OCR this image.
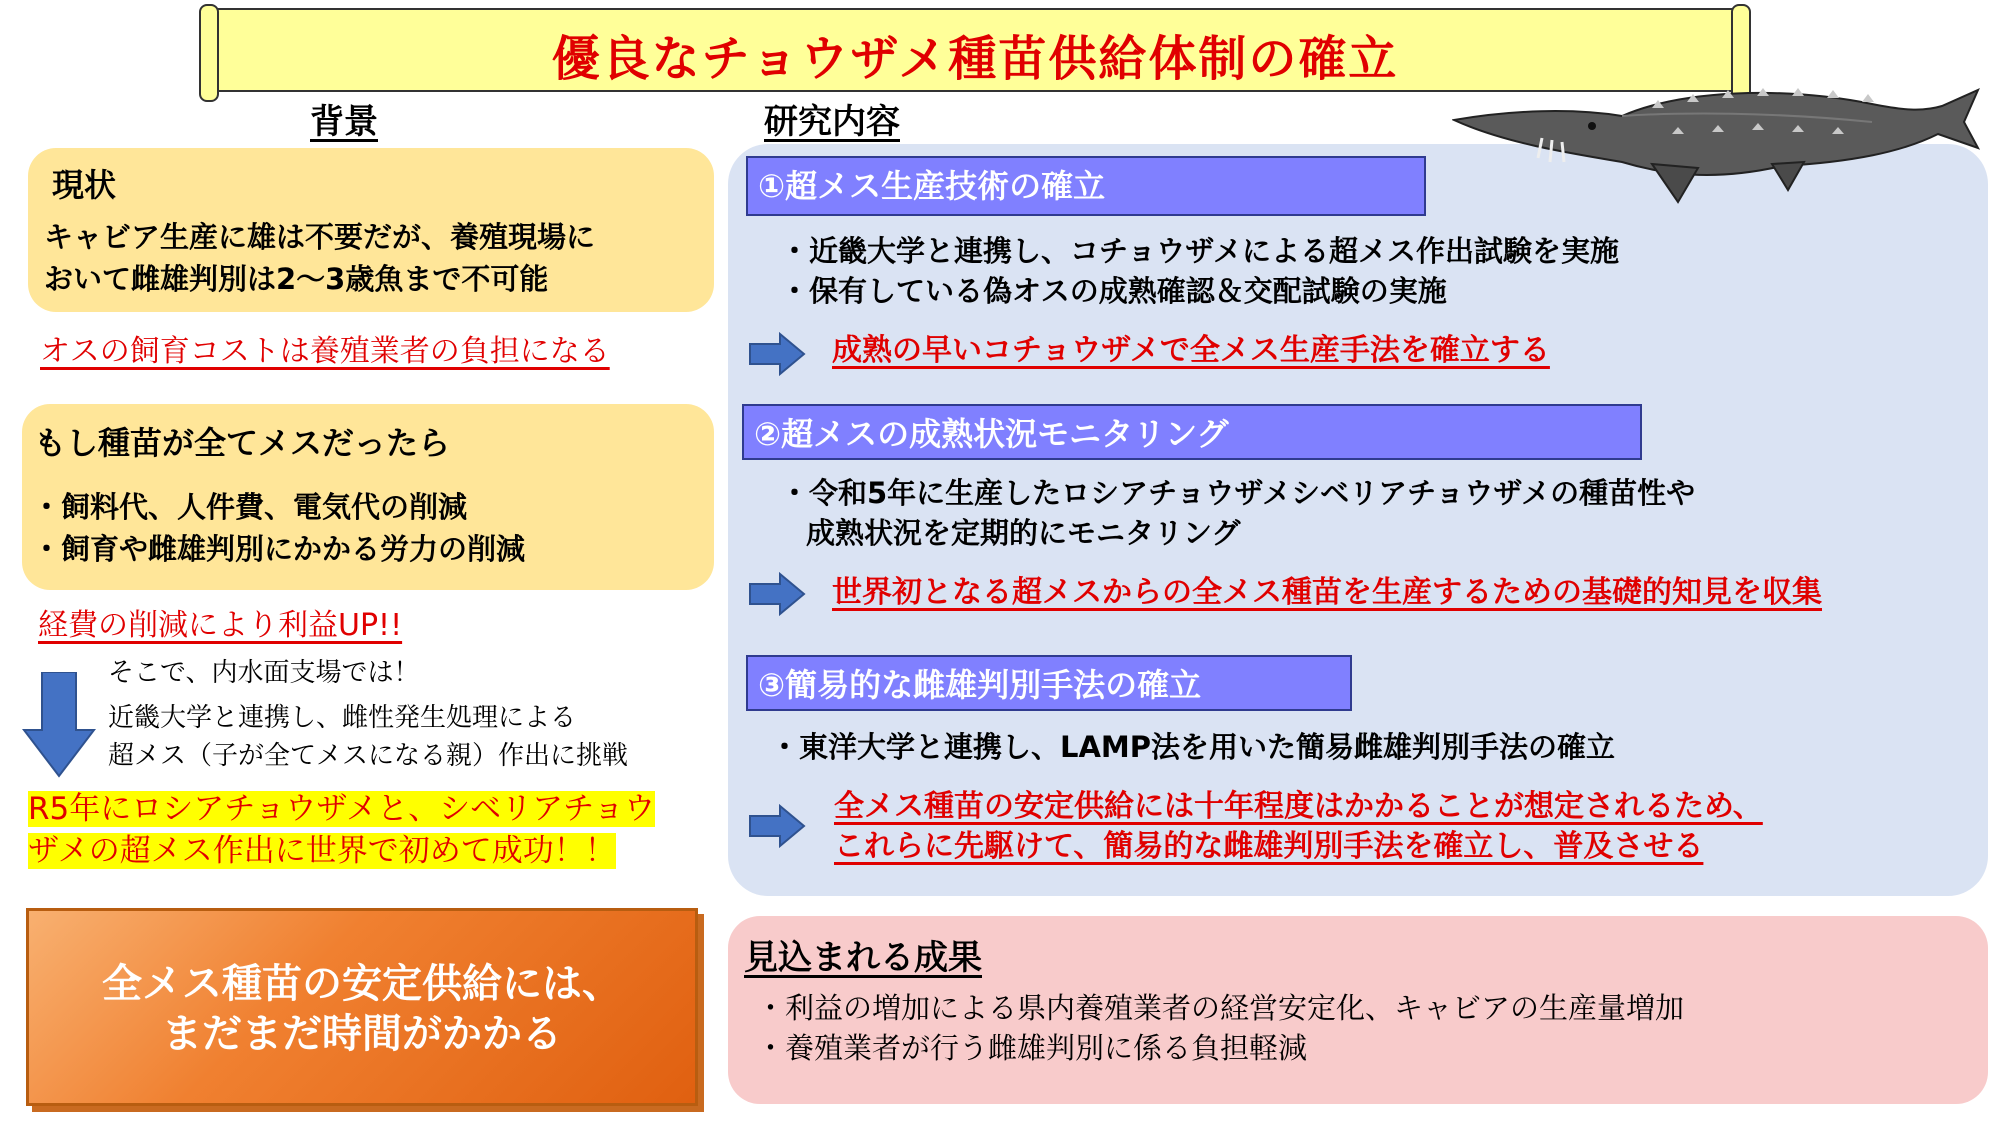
優良なチョウザメ種苗供給体制の確立
背景
現状
キャビア生産に雄は不要だが、養殖現場に
おいて雌雄判別は2～3歳魚まで不可能
オスの飼育コストは養殖業者の負担になる
もし種苗が全てメスだったら
・飼料代、人件費、電気代の削減
・飼育や雌雄判別にかかる労力の削減
経費の削減により利益UP!!
そこで、内水面支場では！
近畿大学と連携し、雌性発生処理による
超メス（子が全てメスになる親）作出に挑戦
R5年にロシアチョウザメと、シベリアチョウ
ザメの超メス作出に世界で初めて成功！！
全メス種苗の安定供給には、
まだまだ時間がかかる
研究内容
①超メス生産技術の確立
・近畿大学と連携し、コチョウザメによる超メス作出試験を実施
・保有している偽オスの成熟確認＆交配試験の実施
成熟の早いコチョウザメで全メス生産手法を確立する
②超メスの成熟状況モニタリング
・令和5年に生産したロシアチョウザメシベリアチョウザメの種苗性や
成熟状況を定期的にモニタリング
世界初となる超メスからの全メス種苗を生産するための基礎的知見を収集
③簡易的な雌雄判別手法の確立
・東洋大学と連携し、LAMP法を用いた簡易雌雄判別手法の確立
全メス種苗の安定供給には十年程度はかかることが想定されるため、
これらに先駆けて、簡易的な雌雄判別手法を確立し、普及させる
見込まれる成果
・利益の増加による県内養殖業者の経営安定化、キャビアの生産量増加
・養殖業者が行う雌雄判別に係る負担軽減
